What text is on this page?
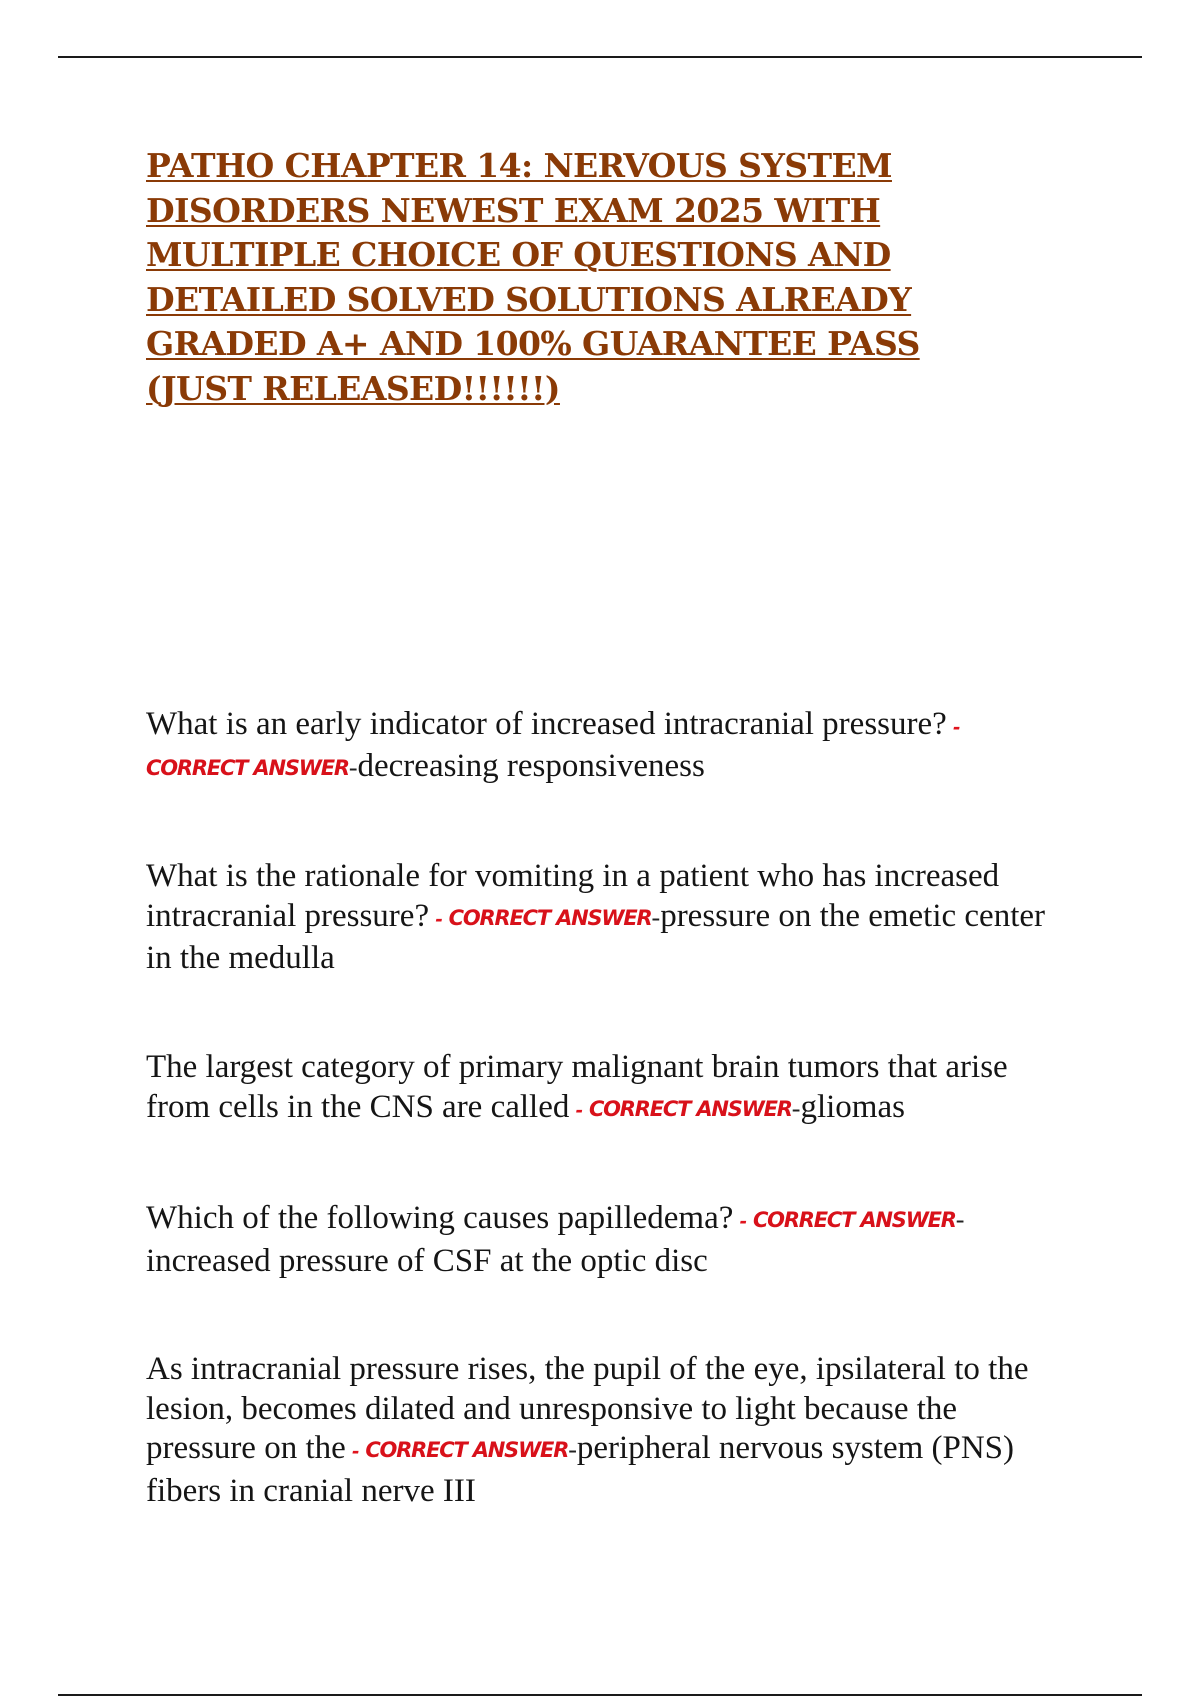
PATHO CHAPTER 14: NERVOUS SYSTEM DISORDERS NEWEST EXAM 2025 WITH MULTIPLE CHOICE OF QUESTIONS AND DETAILED SOLVED SOLUTIONS ALREADY GRADED A+ AND 100% GUARANTEE PASS (JUST RELEASED!!!!!!)

What is an early indicator of increased intracranial pressure? - CORRECT ANSWER-decreasing responsiveness

What is the rationale for vomiting in a patient who has increased intracranial pressure? - CORRECT ANSWER-pressure on the emetic center in the medulla

The largest category of primary malignant brain tumors that arise from cells in the CNS are called - CORRECT ANSWER-gliomas

Which of the following causes papilledema? - CORRECT ANSWER-increased pressure of CSF at the optic disc

As intracranial pressure rises, the pupil of the eye, ipsilateral to the lesion, becomes dilated and unresponsive to light because the pressure on the - CORRECT ANSWER-peripheral nervous system (PNS) fibers in cranial nerve III
